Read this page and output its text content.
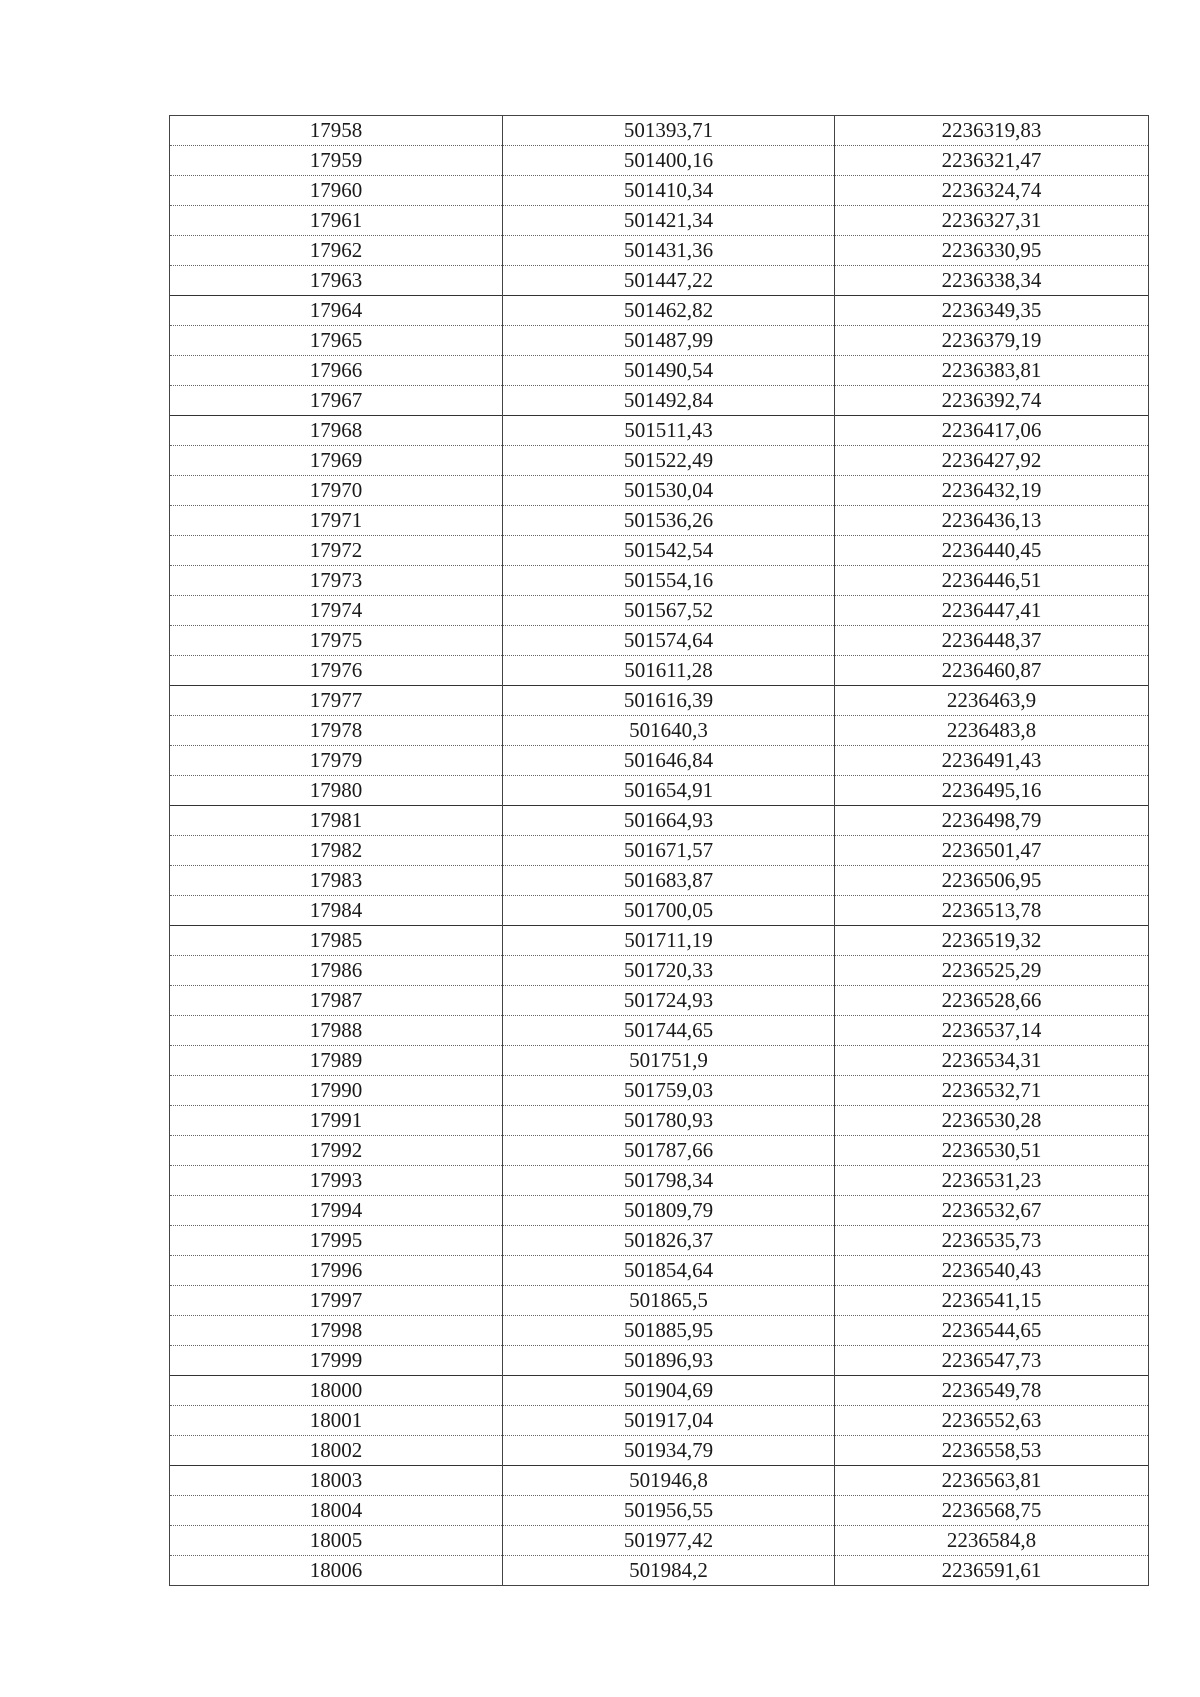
17958	501393,71	2236319,83
17959	501400,16	2236321,47
17960	501410,34	2236324,74
17961	501421,34	2236327,31
17962	501431,36	2236330,95
17963	501447,22	2236338,34
17964	501462,82	2236349,35
17965	501487,99	2236379,19
17966	501490,54	2236383,81
17967	501492,84	2236392,74
17968	501511,43	2236417,06
17969	501522,49	2236427,92
17970	501530,04	2236432,19
17971	501536,26	2236436,13
17972	501542,54	2236440,45
17973	501554,16	2236446,51
17974	501567,52	2236447,41
17975	501574,64	2236448,37
17976	501611,28	2236460,87
17977	501616,39	2236463,9
17978	501640,3	2236483,8
17979	501646,84	2236491,43
17980	501654,91	2236495,16
17981	501664,93	2236498,79
17982	501671,57	2236501,47
17983	501683,87	2236506,95
17984	501700,05	2236513,78
17985	501711,19	2236519,32
17986	501720,33	2236525,29
17987	501724,93	2236528,66
17988	501744,65	2236537,14
17989	501751,9	2236534,31
17990	501759,03	2236532,71
17991	501780,93	2236530,28
17992	501787,66	2236530,51
17993	501798,34	2236531,23
17994	501809,79	2236532,67
17995	501826,37	2236535,73
17996	501854,64	2236540,43
17997	501865,5	2236541,15
17998	501885,95	2236544,65
17999	501896,93	2236547,73
18000	501904,69	2236549,78
18001	501917,04	2236552,63
18002	501934,79	2236558,53
18003	501946,8	2236563,81
18004	501956,55	2236568,75
18005	501977,42	2236584,8
18006	501984,2	2236591,61
